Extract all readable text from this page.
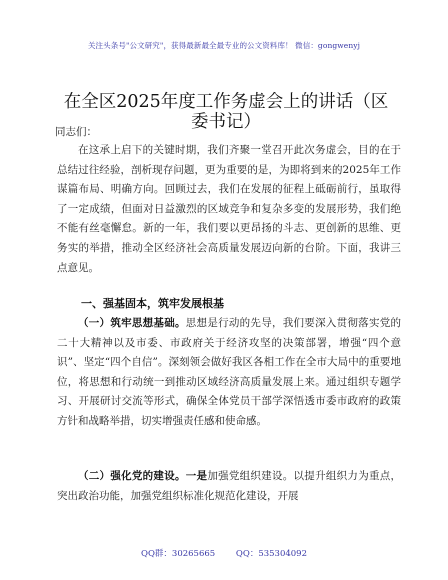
关注头条号"公文研究"，获得最新最全最专业的公文资料库！ 微信：gongwenyj
在全区2025年度工作务虚会上的讲话（区委书记）
同志们：

在这承上启下的关键时期，我们齐聚一堂召开此次务虚会，目的在于总结过往经验，剖析现存问题，更为重要的是，为即将到来的2025年工作谋篇布局、明确方向。回顾过去，我们在发展的征程上砥砺前行，虽取得了一定成绩，但面对日益激烈的区域竞争和复杂多变的发展形势，我们绝不能有丝毫懈怠。新的一年，我们要以更昂扬的斗志、更创新的思维、更务实的举措，推动全区经济社会高质量发展迈向新的台阶。下面，我讲三点意见。

一、强基固本，筑牢发展根基

（一）筑牢思想基础。思想是行动的先导，我们要深入贯彻落实党的二十大精神以及市委、市政府关于经济攻坚的决策部署，增强“四个意识”、坚定“四个自信”。深刻领会做好我区各相工作在全市大局中的重要地位，将思想和行动统一到推动区域经济高质量发展上来。通过组织专题学习、开展研讨交流等形式，确保全体党员干部学深悟透市委市政府的政策方针和战略举措，切实增强责任感和使命感。

（二）强化党的建设。一是加强党组织建设。以提升组织力为重点，突出政治功能，加强党组织标准化规范化建设，开展

QQ群：30265665 QQ：535304092
